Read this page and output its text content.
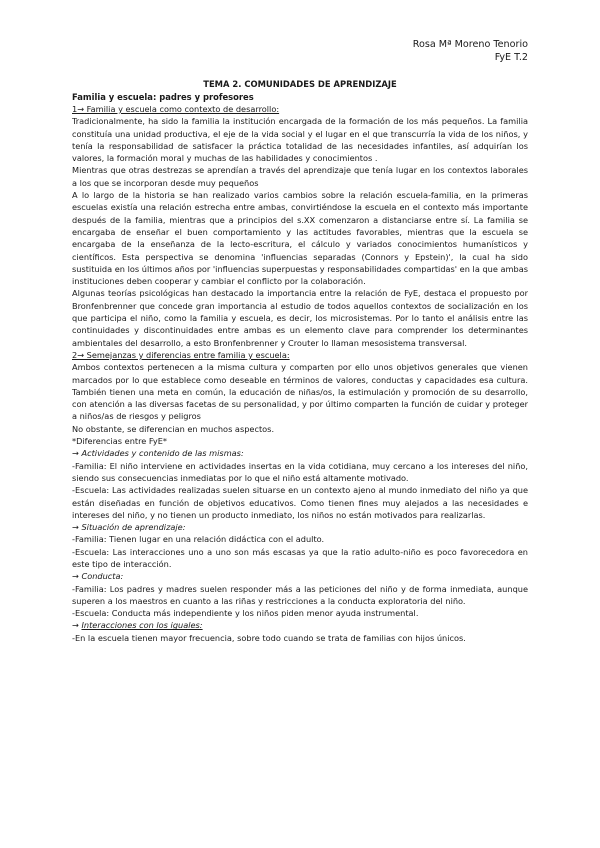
Rosa Mª Moreno Tenorio
FyE T.2
TEMA 2. COMUNIDADES DE APRENDIZAJE
Familia y escuela: padres y profesores
1→ Familia y escuela como contexto de desarrollo:

Tradicionalmente, ha sido la familia la institución encargada de la formación de los más pequeños. La familia constituía una unidad productiva, el eje de la vida social y el lugar en el que transcurría la vida de los niños, y tenía la responsabilidad de satisfacer la práctica totalidad de las necesidades infantiles, así adquirían los valores, la formación moral y muchas de las habilidades y conocimientos .

Mientras que otras destrezas se aprendían a través del aprendizaje que tenía lugar en los contextos laborales a los que se incorporan desde muy pequeños

A lo largo de la historia se han realizado varios cambios sobre la relación escuela-familia, en la primeras escuelas existía una relación estrecha entre ambas, convirtiéndose la escuela en el contexto más importante después de la familia, mientras que a principios del s.XX comenzaron a distanciarse entre sí. La familia se encargaba de enseñar el buen comportamiento y las actitudes favorables, mientras que la escuela se encargaba de la enseñanza de la lecto-escritura, el cálculo y variados conocimientos humanísticos y científicos. Esta perspectiva se denomina 'influencias separadas (Connors y Epstein)', la cual ha sido sustituida en los últimos años por 'influencias superpuestas y responsabilidades compartidas' en la que ambas instituciones deben cooperar y cambiar el conflicto por la colaboración.

Algunas teorías psicológicas han destacado la importancia entre la relación de FyE, destaca el propuesto por Bronfenbrenner que concede gran importancia al estudio de todos aquellos contextos de socialización en los que participa el niño, como la familia y escuela, es decir, los microsistemas. Por lo tanto el análisis entre las continuidades y discontinuidades entre ambas es un elemento clave para comprender los determinantes ambientales del desarrollo, a esto Bronfenbrenner y Crouter lo llaman mesosistema transversal.

2→ Semejanzas y diferencias entre familia y escuela:

Ambos contextos pertenecen a la misma cultura y comparten por ello unos objetivos generales que vienen marcados por lo que establece como deseable en términos de valores, conductas y capacidades esa cultura. También tienen una meta en común, la educación de niñas/os, la estimulación y promoción de su desarrollo, con atención a las diversas facetas de su personalidad, y por último comparten la función de cuidar y proteger a niños/as de riesgos y peligros

No obstante, se diferencian en muchos aspectos.

*Diferencias entre FyE*

→ Actividades y contenido de las mismas:

-Familia: El niño interviene en actividades insertas en la vida cotidiana, muy cercano a los intereses del niño, siendo sus consecuencias inmediatas por lo que el niño está altamente motivado.

-Escuela: Las actividades realizadas suelen situarse en un contexto ajeno al mundo inmediato del niño ya que están diseñadas en función de objetivos educativos. Como tienen fines muy alejados a las necesidades e intereses del niño, y no tienen un producto inmediato, los niños no están motivados para realizarlas.

→ Situación de aprendizaje:

-Familia: Tienen lugar en una relación didáctica con el adulto.

-Escuela: Las interacciones uno a uno son más escasas ya que la ratio adulto-niño es poco favorecedora en este tipo de interacción.

→ Conducta:

-Familia: Los padres y madres suelen responder más a las peticiones del niño y de forma inmediata, aunque superen a los maestros en cuanto a las riñas y restricciones a la conducta exploratoria del niño.

-Escuela: Conducta más independiente y los niños piden menor ayuda instrumental.

→ Interacciones con los iguales:

-En la escuela tienen mayor frecuencia, sobre todo cuando se trata de familias con hijos únicos.
